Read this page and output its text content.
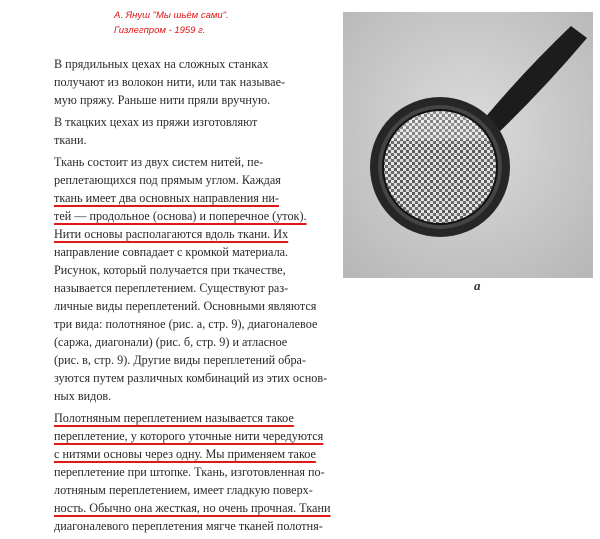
А. Януш "Мы шьём сами".
Гизлегпром - 1959 г.

В прядильных цехах на сложных станках
получают из волокон нити, или так называе-
мую пряжу. Раньше нити пряли вручную.

В ткацких цехах из пряжи изготовляют
ткани.

Ткань состоит из двух систем нитей, пе-
реплетающихся под прямым углом. Каждая
ткань имеет два основных направления ни-
тей — продольное (основа) и поперечное (уток).
Нити основы располагаются вдоль ткани. Их
направление совпадает с кромкой материала.
Рисунок, который получается при ткачестве,
называется переплетением. Существуют раз-
личные виды переплетений. Основными являются
три вида: полотняное (рис. а, стр. 9), диагоналевое
(саржа, диагонали) (рис. б, стр. 9) и атласное
(рис. в, стр. 9). Другие виды переплетений обра-
зуются путем различных комбинаций из этих основ-
ных видов.

Полотняным переплетением называется такое
переплетение, у которого уточные нити чередуются
с нитями основы через одну. Мы применяем такое
переплетение при штопке. Ткань, изготовленная по-
лотняным переплетением, имеет гладкую поверх-
ность. Обычно она жесткая, но очень прочная. Ткани
диагоналевого переплетения мягче тканей полотня-

а
